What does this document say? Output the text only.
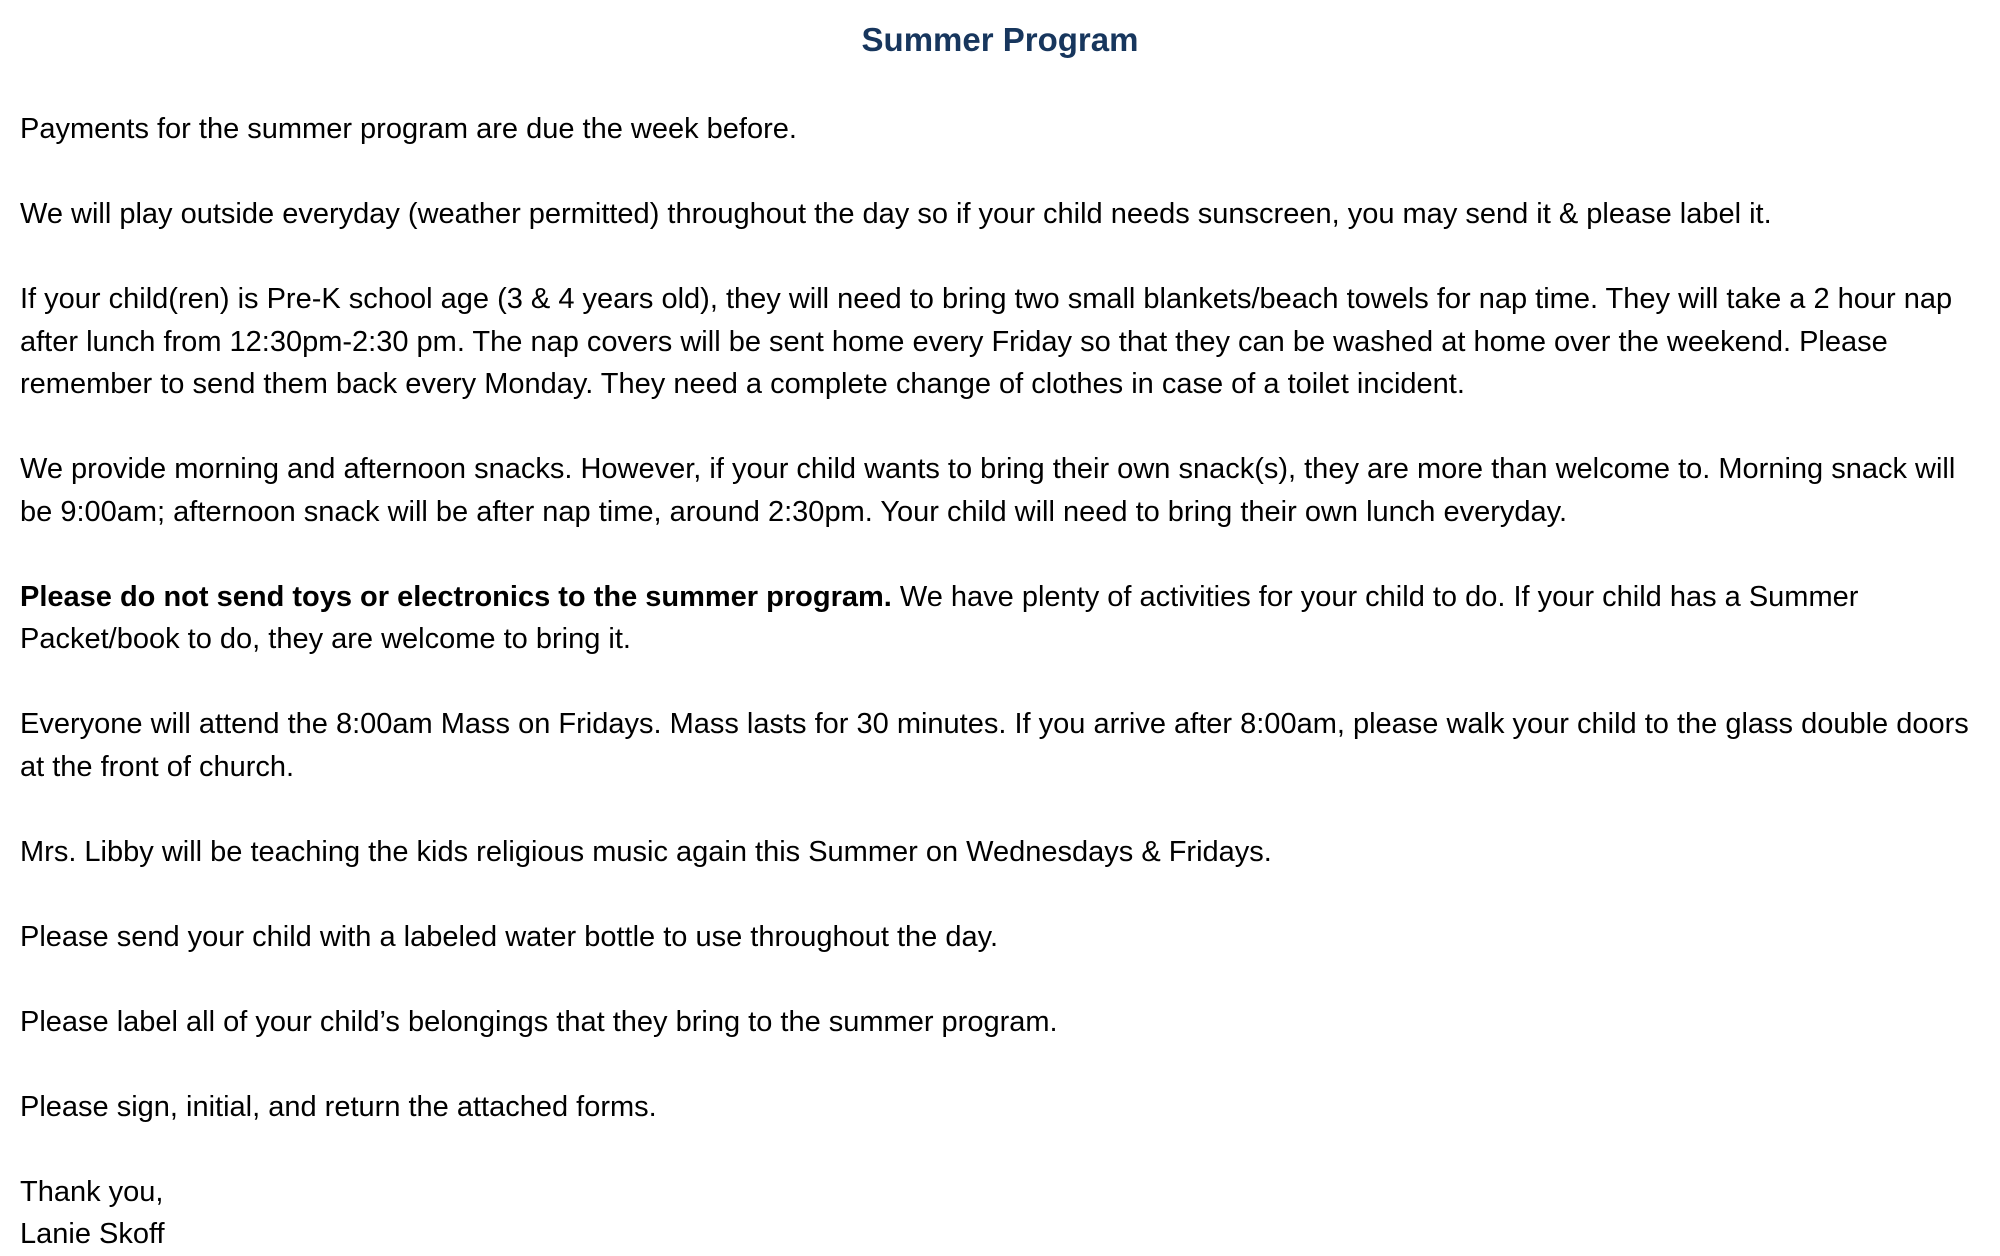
Summer Program

Payments for the summer program are due the week before.

We will play outside everyday (weather permitted) throughout the day so if your child needs sunscreen, you may send it & please label it.

If your child(ren) is Pre-K school age (3 & 4 years old), they will need to bring two small blankets/beach towels for nap time. They will take a 2 hour nap after lunch from 12:30pm-2:30 pm. The nap covers will be sent home every Friday so that they can be washed at home over the weekend. Please remember to send them back every Monday. They need a complete change of clothes in case of a toilet incident.

We provide morning and afternoon snacks. However, if your child wants to bring their own snack(s), they are more than welcome to. Morning snack will be 9:00am; afternoon snack will be after nap time, around 2:30pm. Your child will need to bring their own lunch everyday.

Please do not send toys or electronics to the summer program. We have plenty of activities for your child to do. If your child has a Summer Packet/book to do, they are welcome to bring it.

Everyone will attend the 8:00am Mass on Fridays. Mass lasts for 30 minutes. If you arrive after 8:00am, please walk your child to the glass double doors at the front of church.

Mrs. Libby will be teaching the kids religious music again this Summer on Wednesdays & Fridays.

Please send your child with a labeled water bottle to use throughout the day.

Please label all of your child’s belongings that they bring to the summer program.

Please sign, initial, and return the attached forms.

Thank you,
Lanie Skoff
